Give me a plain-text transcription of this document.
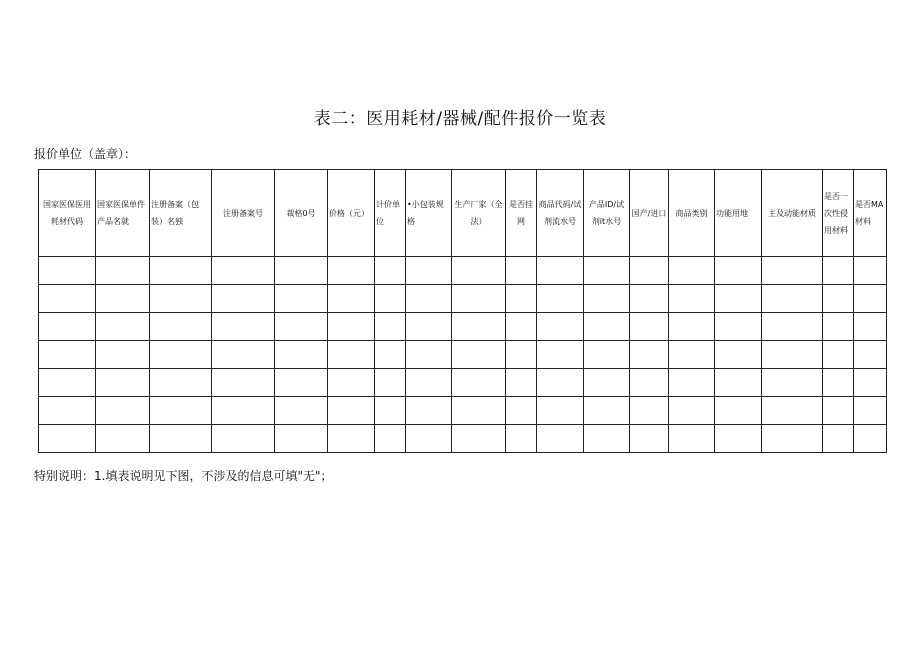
表二：医用耗材/器械/配件报价一览表
报价单位（盖章）：
国家医保医用耗材代码	国家医保单件产品名就	注册备案（包装）名独	注册备案号	裁格0号	价格（元）	计价单位	•小包装规格	生产厂家（全法）	是否挂网	商品代码/试剂流水号	产品ID/试剂it水号	国产/进口	商品类别	功能用地	主及动能材质	是否一次性侵用材料	是否MA材料

特别说明：1.填表说明见下图，不涉及的信息可填"无"；
